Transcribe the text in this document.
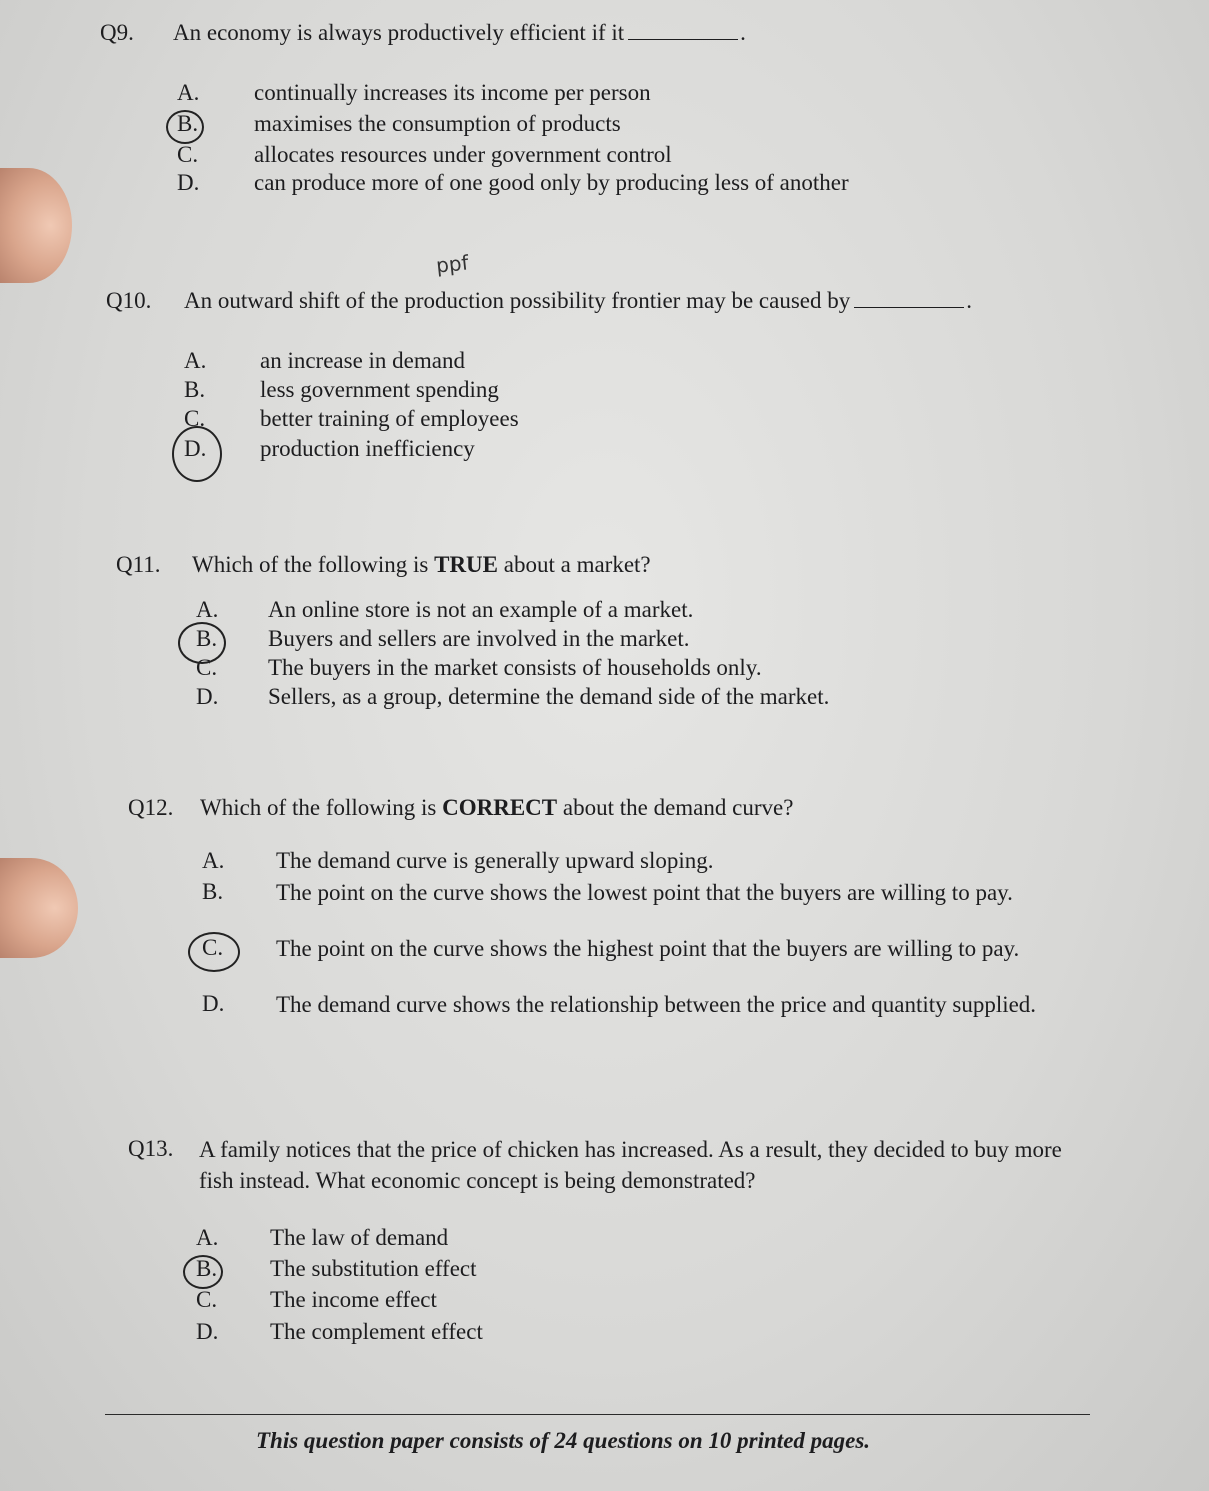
Q9. An economy is always productively efficient if it	.
A. continually increases its income per person
B. maximises the consumption of products
C. allocates resources under government control
D. can produce more of one good only by producing less of another
ppf
Q10. An outward shift of the production possibility frontier may be caused by	.
A. an increase in demand
B. less government spending
C. better training of employees
D. production inefficiency
Q11. Which of the following is TRUE about a market?
A. An online store is not an example of a market.
B. Buyers and sellers are involved in the market.
C. The buyers in the market consists of households only.
D. Sellers, as a group, determine the demand side of the market.
Q12. Which of the following is CORRECT about the demand curve?
A. The demand curve is generally upward sloping.
B. The point on the curve shows the lowest point that the buyers are willing to pay.
C. The point on the curve shows the highest point that the buyers are willing to pay.
D. The demand curve shows the relationship between the price and quantity supplied.
Q13. A family notices that the price of chicken has increased. As a result, they decided to buy more fish instead. What economic concept is being demonstrated?
A. The law of demand
B. The substitution effect
C. The income effect
D. The complement effect
This question paper consists of 24 questions on 10 printed pages.
